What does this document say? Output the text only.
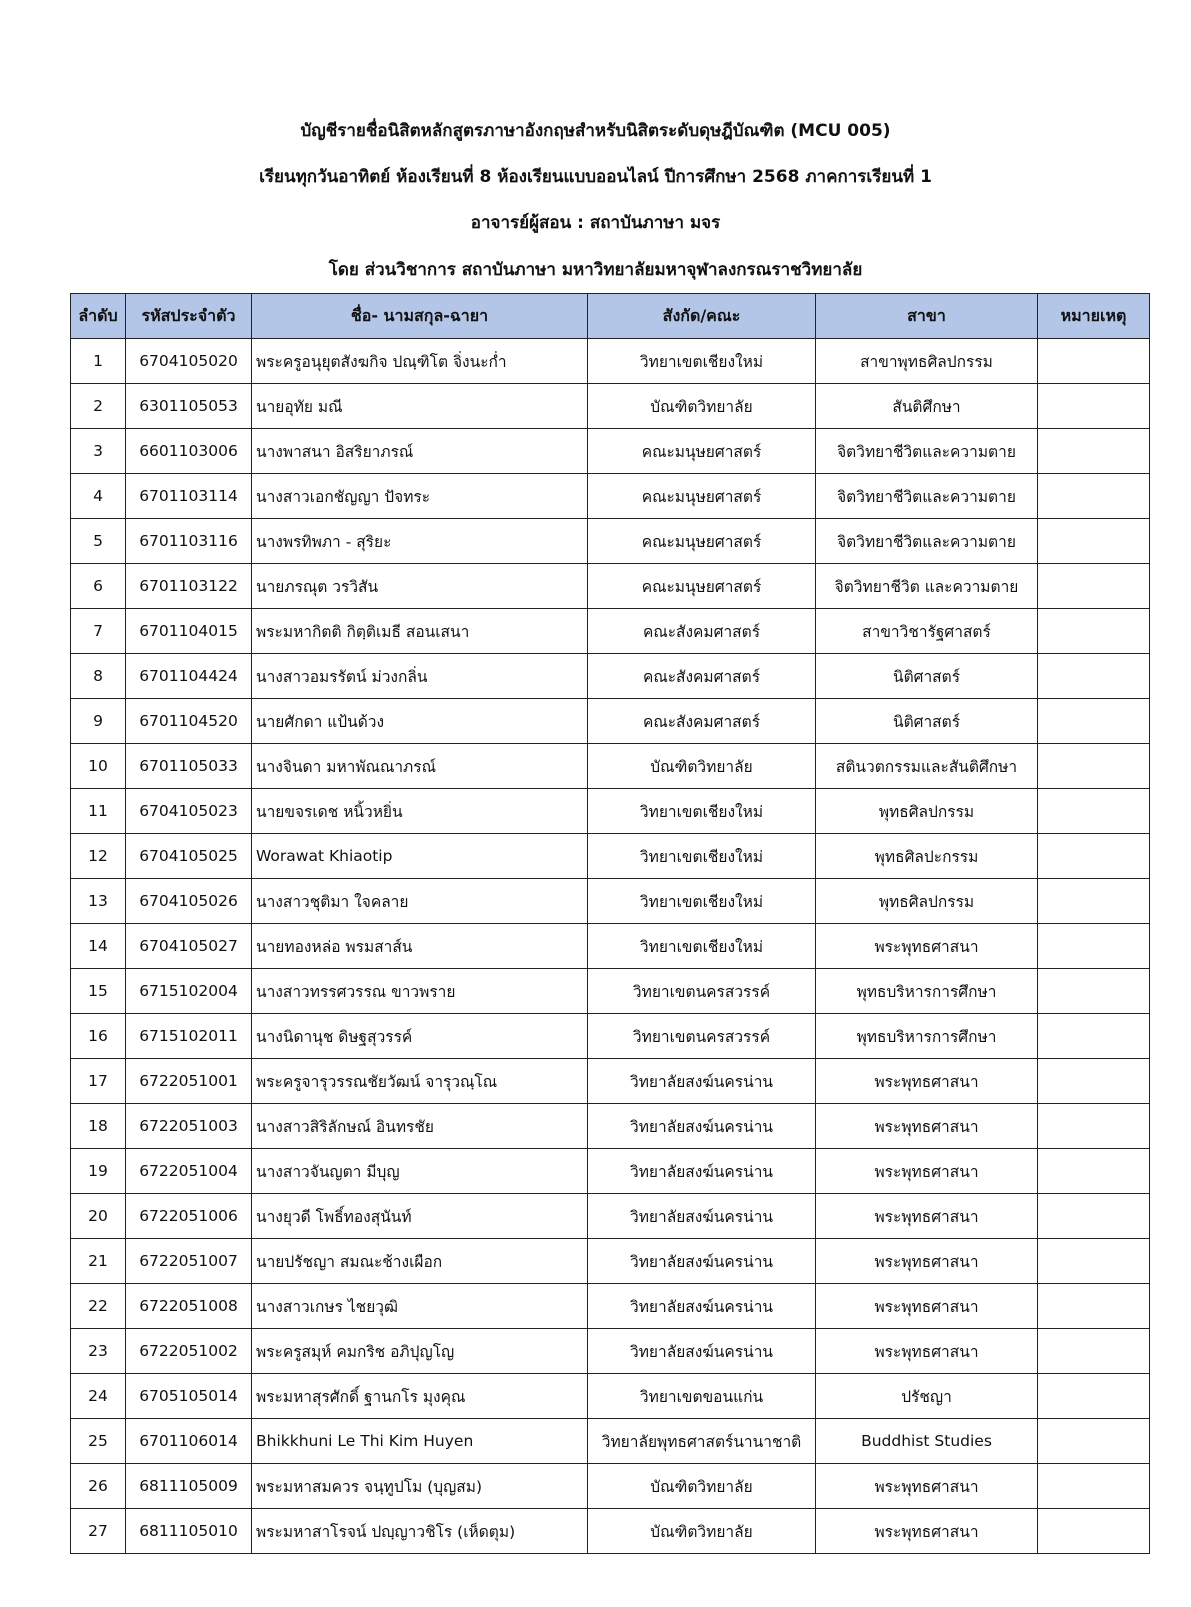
บัญชีรายชื่อนิสิตหลักสูตรภาษาอังกฤษสำหรับนิสิตระดับดุษฎีบัณฑิต (MCU 005)
เรียนทุกวันอาทิตย์ ห้องเรียนที่ 8 ห้องเรียนแบบออนไลน์ ปีการศึกษา 2568 ภาคการเรียนที่ 1
อาจารย์ผู้สอน : สถาบันภาษา มจร
โดย ส่วนวิชาการ สถาบันภาษา มหาวิทยาลัยมหาจุฬาลงกรณราชวิทยาลัย
ลำดับ	รหัสประจำตัว	ชื่อ- นามสกุล-ฉายา	สังกัด/คณะ	สาขา	หมายเหตุ
1	6704105020	พระครูอนุยุตสังฆกิจ ปณฺฑิโต จิ่งนะก่ำ	วิทยาเขตเชียงใหม่	สาขาพุทธศิลปกรรม	
2	6301105053	นายอุทัย มณี	บัณฑิตวิทยาลัย	สันติศึกษา	
3	6601103006	นางพาสนา อิสริยาภรณ์	คณะมนุษยศาสตร์	จิตวิทยาชีวิตและความตาย	
4	6701103114	นางสาวเอกชัญญา ปัจทระ	คณะมนุษยศาสตร์	จิตวิทยาชีวิตและความตาย	
5	6701103116	นางพรทิพภา - สุริยะ	คณะมนุษยศาสตร์	จิตวิทยาชีวิตและความตาย	
6	6701103122	นายภรณุต วรวิสัน	คณะมนุษยศาสตร์	จิตวิทยาชีวิต และความตาย	
7	6701104015	พระมหากิตติ กิตฺติเมธี สอนเสนา	คณะสังคมศาสตร์	สาขาวิชารัฐศาสตร์	
8	6701104424	นางสาวอมรรัตน์ ม่วงกลิ่น	คณะสังคมศาสตร์	นิติศาสตร์	
9	6701104520	นายศักดา แป้นด้วง	คณะสังคมศาสตร์	นิติศาสตร์	
10	6701105033	นางจินดา มหาพัณณาภรณ์	บัณฑิตวิทยาลัย	สตินวตกรรมและสันติศึกษา	
11	6704105023	นายขจรเดช หนิ้วหยิ่น	วิทยาเขตเชียงใหม่	พุทธศิลปกรรม	
12	6704105025	Worawat Khiaotip	วิทยาเขตเชียงใหม่	พุทธศิลปะกรรม	
13	6704105026	นางสาวชุติมา ใจคลาย	วิทยาเขตเชียงใหม่	พุทธศิลปกรรม	
14	6704105027	นายทองหล่อ พรมสาส์น	วิทยาเขตเชียงใหม่	พระพุทธศาสนา	
15	6715102004	นางสาวทรรศวรรณ ขาวพราย	วิทยาเขตนครสวรรค์	พุทธบริหารการศึกษา	
16	6715102011	นางนิดานุช ดิษฐสุวรรค์	วิทยาเขตนครสวรรค์	พุทธบริหารการศึกษา	
17	6722051001	พระครูจารุวรรณชัยวัฒน์ จารุวณฺโณ	วิทยาลัยสงฆ์นครน่าน	พระพุทธศาสนา	
18	6722051003	นางสาวสิริลักษณ์ อินทรชัย	วิทยาลัยสงฆ์นครน่าน	พระพุทธศาสนา	
19	6722051004	นางสาวจันญตา มีบุญ	วิทยาลัยสงฆ์นครน่าน	พระพุทธศาสนา	
20	6722051006	นางยุวดี โพธิ์ทองสุนันท์	วิทยาลัยสงฆ์นครน่าน	พระพุทธศาสนา	
21	6722051007	นายปรัชญา สมณะช้างเผือก	วิทยาลัยสงฆ์นครน่าน	พระพุทธศาสนา	
22	6722051008	นางสาวเกษร ไชยวุฒิ	วิทยาลัยสงฆ์นครน่าน	พระพุทธศาสนา	
23	6722051002	พระครูสมุห์ คมกริช อภิปุญโญ	วิทยาลัยสงฆ์นครน่าน	พระพุทธศาสนา	
24	6705105014	พระมหาสุรศักดิ์ ฐานกโร มุงคุณ	วิทยาเขตขอนแก่น	ปรัชญา	
25	6701106014	Bhikkhuni Le Thi Kim Huyen	วิทยาลัยพุทธศาสตร์นานาชาติ	Buddhist Studies	
26	6811105009	พระมหาสมควร จนฺทูปโม (บุญสม)	บัณฑิตวิทยาลัย	พระพุทธศาสนา	
27	6811105010	พระมหาสาโรจน์ ปญฺญาวชิโร (เห็ดตุม)	บัณฑิตวิทยาลัย	พระพุทธศาสนา	
